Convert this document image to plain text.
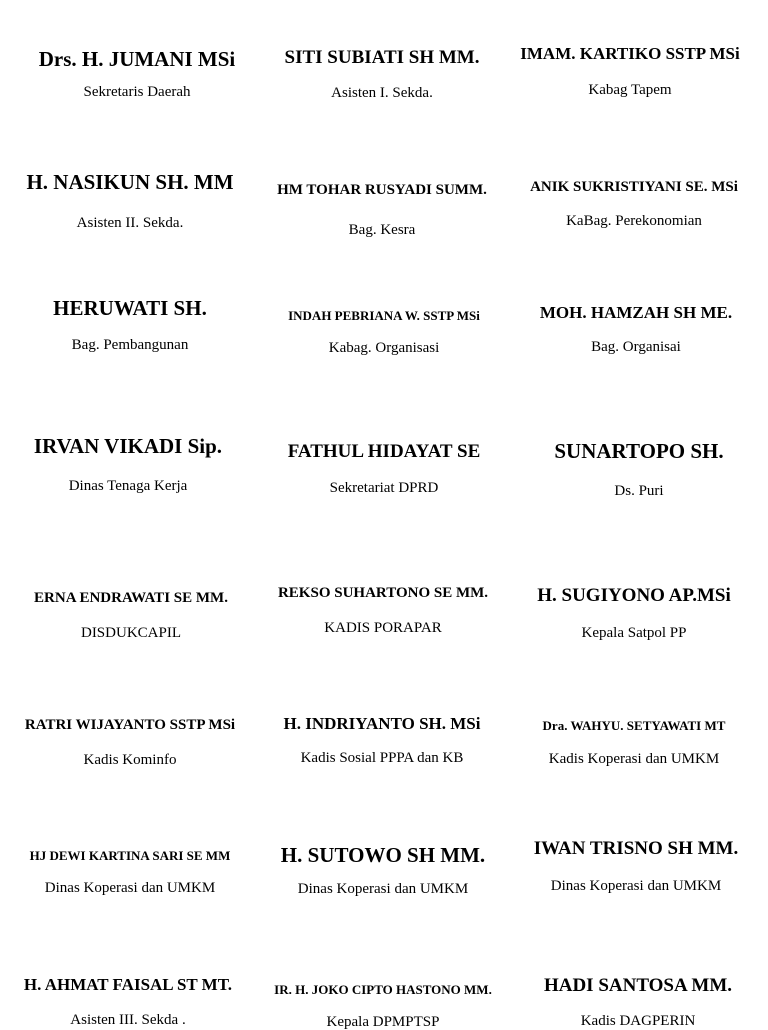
Drs. H. JUMANI MSi
Sekretaris Daerah
SITI SUBIATI SH MM.
Asisten I. Sekda.
IMAM. KARTIKO SSTP MSi
Kabag Tapem
H. NASIKUN SH. MM
Asisten II. Sekda.
HM TOHAR RUSYADI SUMM.
Bag. Kesra
ANIK SUKRISTIYANI SE. MSi
KaBag. Perekonomian
HERUWATI SH.
Bag. Pembangunan
INDAH PEBRIANA W. SSTP MSi
Kabag. Organisasi
MOH. HAMZAH SH ME.
Bag. Organisai
IRVAN VIKADI Sip.
Dinas Tenaga Kerja
FATHUL HIDAYAT SE
Sekretariat DPRD
SUNARTOPO SH.
Ds. Puri
ERNA ENDRAWATI SE MM.
DISDUKCAPIL
REKSO SUHARTONO SE MM.
KADIS PORAPAR
H. SUGIYONO AP.MSi
Kepala Satpol PP
RATRI WIJAYANTO SSTP MSi
Kadis Kominfo
H. INDRIYANTO SH. MSi
Kadis Sosial PPPA dan KB
Dra. WAHYU. SETYAWATI MT
Kadis Koperasi dan UMKM
HJ DEWI KARTINA SARI SE MM
Dinas Koperasi dan UMKM
H. SUTOWO SH MM.
Dinas Koperasi dan UMKM
IWAN TRISNO SH MM.
Dinas Koperasi dan UMKM
H. AHMAT FAISAL ST MT.
Asisten III. Sekda .
IR. H. JOKO CIPTO HASTONO MM.
Kepala DPMPTSP
HADI SANTOSA MM.
Kadis DAGPERIN
